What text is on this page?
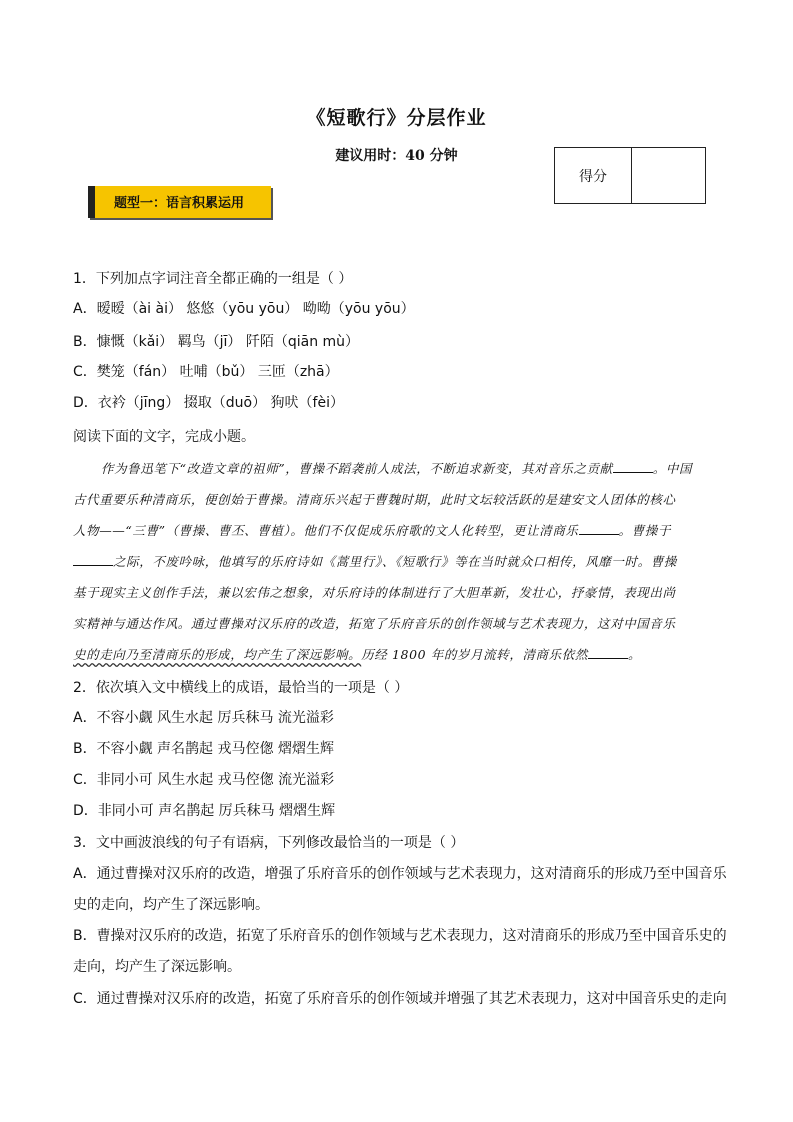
《短歌行》分层作业
建议用时：40 分钟
得分
题型一：语言积累运用
1．下列加点字词注音全都正确的一组是（ ）
A．暧暧（ài ài） 悠悠（yōu yōu） 呦呦（yōu yōu）
B．慷慨（kǎi） 羁鸟（jī） 阡陌（qiān mù）
C．樊笼（fán） 吐哺（bǔ） 三匝（zhā）
D．衣衿（jīng） 掇取（duō） 狗吠（fèi）
阅读下面的文字，完成小题。
作为鲁迅笔下“改造文章的祖师”，曹操不蹈袭前人成法，不断追求新变，其对音乐之贡献	。中国
古代重要乐种清商乐，便创始于曹操。清商乐兴起于曹魏时期，此时文坛较活跃的是建安文人团体的核心
人物——“三曹”（曹操、曹丕、曹植）。他们不仅促成乐府歌的文人化转型，更让清商乐	。曹操于
之际，不废吟咏，他填写的乐府诗如《蒿里行》、《短歌行》等在当时就众口相传，风靡一时。曹操
基于现实主义创作手法，兼以宏伟之想象，对乐府诗的体制进行了大胆革新，发壮心，抒豪情，表现出尚
实精神与通达作风。通过曹操对汉乐府的改造，拓宽了乐府音乐的创作领域与艺术表现力，这对中国音乐
史的走向乃至清商乐的形成，均产生了深远影响。历经 1800 年的岁月流转，清商乐依然	。
2．依次填入文中横线上的成语，最恰当的一项是（ ）
A．不容小觑 风生水起 厉兵秣马 流光溢彩
B．不容小觑 声名鹊起 戎马倥偬 熠熠生辉
C．非同小可 风生水起 戎马倥偬 流光溢彩
D．非同小可 声名鹊起 厉兵秣马 熠熠生辉
3．文中画波浪线的句子有语病，下列修改最恰当的一项是（ ）
A．通过曹操对汉乐府的改造，增强了乐府音乐的创作领域与艺术表现力，这对清商乐的形成乃至中国音乐
史的走向，均产生了深远影响。
B．曹操对汉乐府的改造，拓宽了乐府音乐的创作领域与艺术表现力，这对清商乐的形成乃至中国音乐史的
走向，均产生了深远影响。
C．通过曹操对汉乐府的改造，拓宽了乐府音乐的创作领域并增强了其艺术表现力，这对中国音乐史的走向
